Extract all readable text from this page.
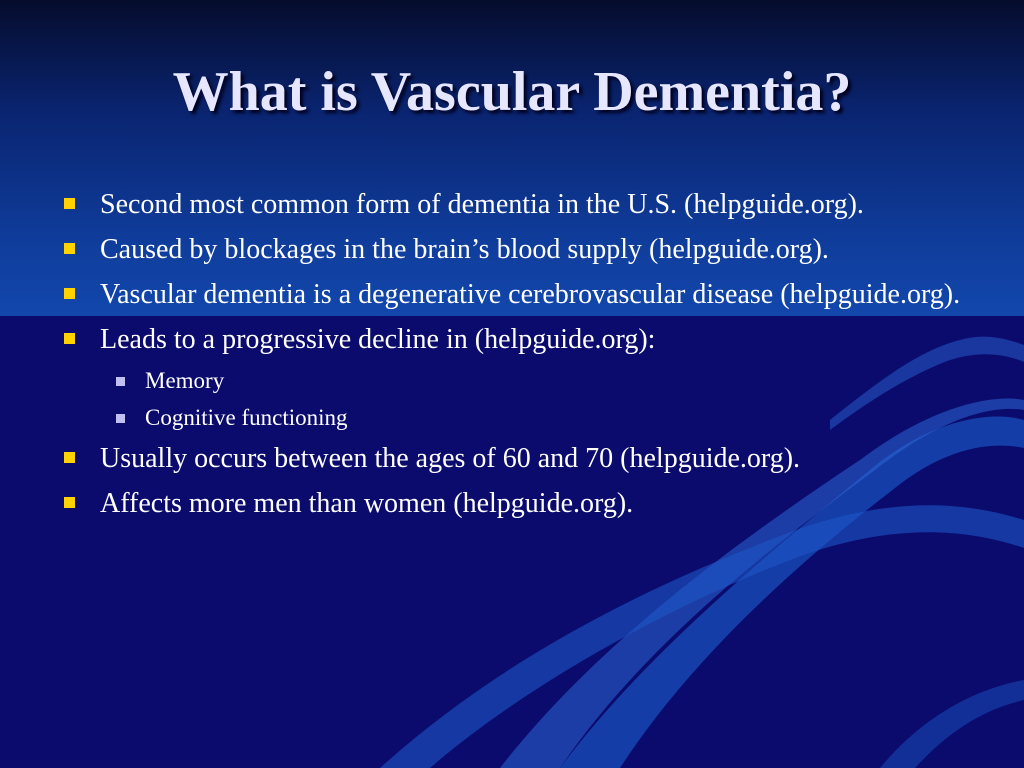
What is Vascular Dementia?
Second most common form of dementia in the U.S. (helpguide.org).
Caused by blockages in the brain’s blood supply (helpguide.org).
Vascular dementia is a degenerative cerebrovascular disease (helpguide.org).
Leads to a progressive decline in (helpguide.org):
Memory
Cognitive functioning
Usually occurs between the ages of 60 and 70 (helpguide.org).
Affects more men than women (helpguide.org).
